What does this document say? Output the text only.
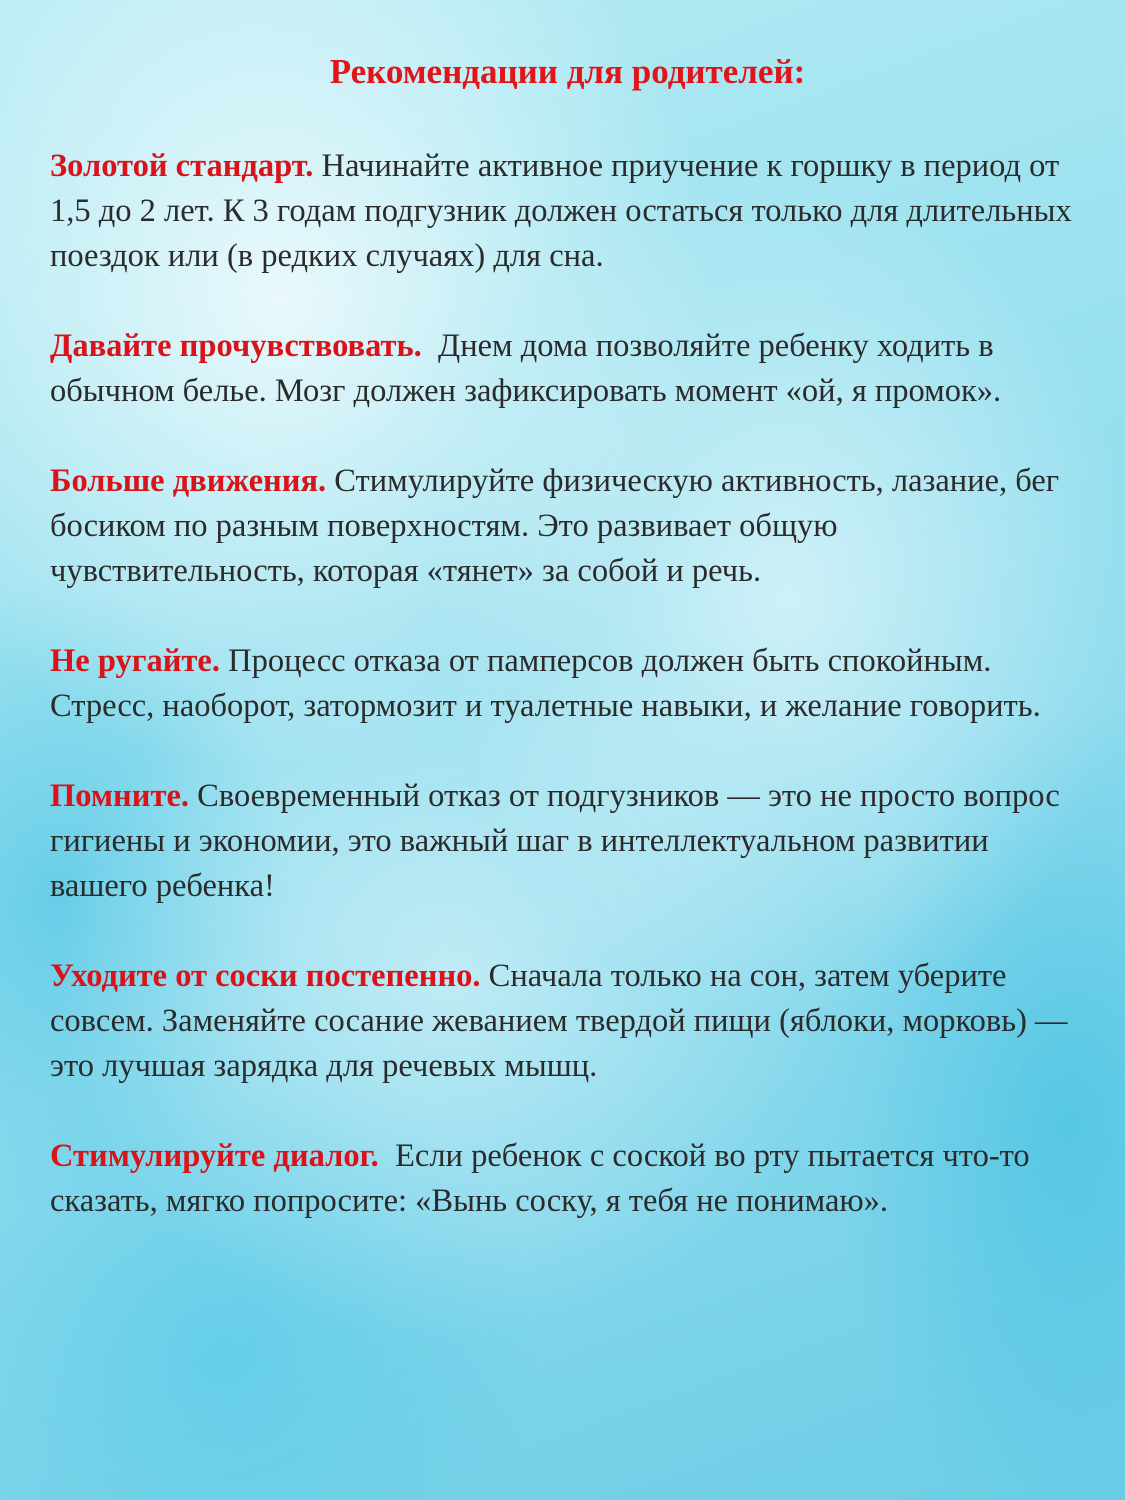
Рекомендации для родителей:

Золотой стандарт. Начинайте активное приучение к горшку в период от 1,5 до 2 лет. К 3 годам подгузник должен остаться только для длительных поездок или (в редких случаях) для сна.

Давайте прочувствовать.  Днем дома позволяйте ребенку ходить в обычном белье. Мозг должен зафиксировать момент «ой, я промок».

Больше движения. Стимулируйте физическую активность, лазание, бег босиком по разным поверхностям. Это развивает общую чувствительность, которая «тянет» за собой и речь.

Не ругайте. Процесс отказа от памперсов должен быть спокойным. Стресс, наоборот, затормозит и туалетные навыки, и желание говорить.

Помните. Своевременный отказ от подгузников — это не просто вопрос гигиены и экономии, это важный шаг в интеллектуальном развитии вашего ребенка!

Уходите от соски постепенно. Сначала только на сон, затем уберите совсем. Заменяйте сосание жеванием твердой пищи (яблоки, морковь) — это лучшая зарядка для речевых мышц.

Стимулируйте диалог.  Если ребенок с соской во рту пытается что-то сказать, мягко попросите: «Вынь соску, я тебя не понимаю».
